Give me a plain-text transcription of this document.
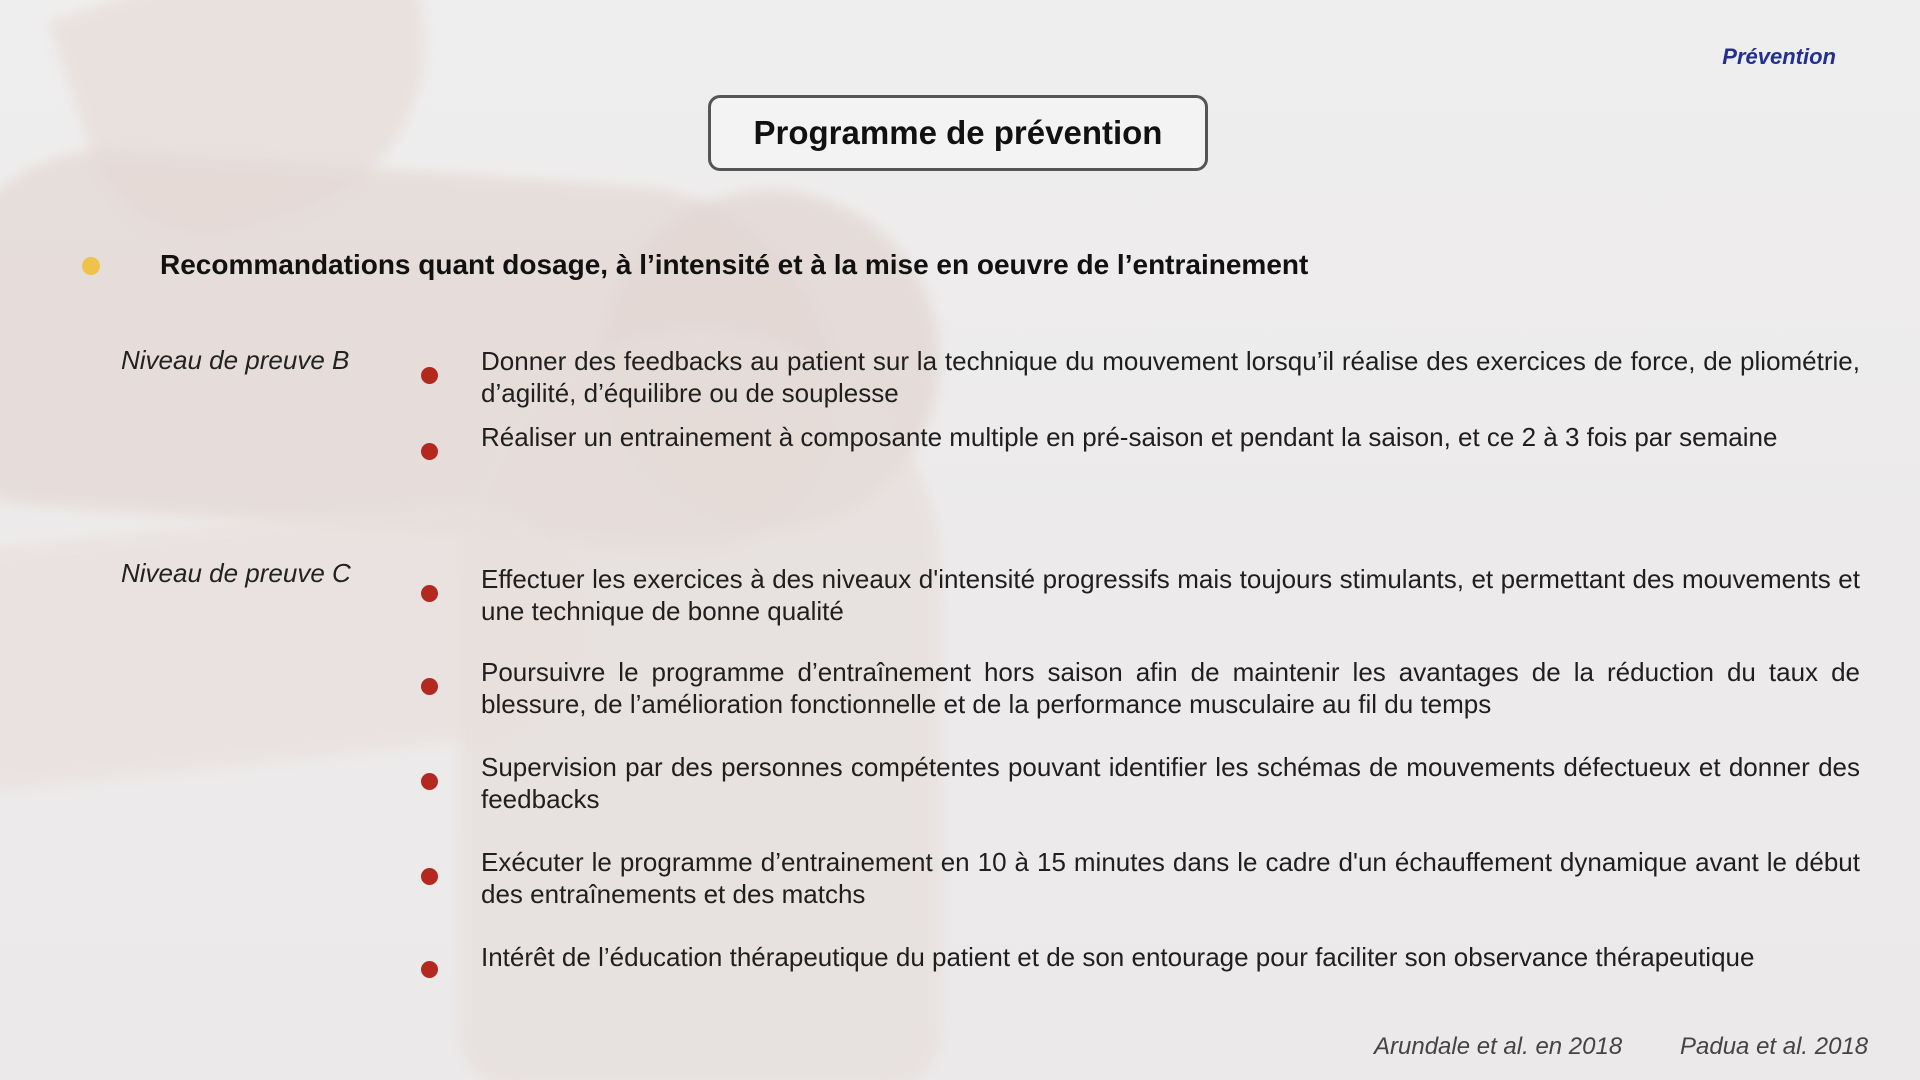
Prévention
Programme de prévention
Recommandations quant dosage, à l’intensité et à la mise en oeuvre de l’entrainement
Niveau de preuve B	Donner des feedbacks au patient sur la technique du mouvement lorsqu’il réalise des exercices de force, de pliométrie, d’agilité, d’équilibre ou de souplesse
Réaliser un entrainement à composante multiple en pré-saison et pendant la saison, et ce 2 à 3 fois par semaine
Niveau de preuve C	Effectuer les exercices à des niveaux d'intensité progressifs mais toujours stimulants, et permettant des mouvements et une technique de bonne qualité
Poursuivre le programme d’entraînement hors saison afin de maintenir les avantages de la réduction du taux de blessure, de l’amélioration fonctionnelle et de la performance musculaire au fil du temps
Supervision par des personnes compétentes pouvant identifier les schémas de mouvements défectueux et donner des feedbacks
Exécuter le programme d’entrainement en 10 à 15 minutes dans le cadre d'un échauffement dynamique avant le début des entraînements et des matchs
Intérêt de l’éducation thérapeutique du patient et de son entourage pour faciliter son observance thérapeutique
Arundale et al. en 2018 Padua et al. 2018
